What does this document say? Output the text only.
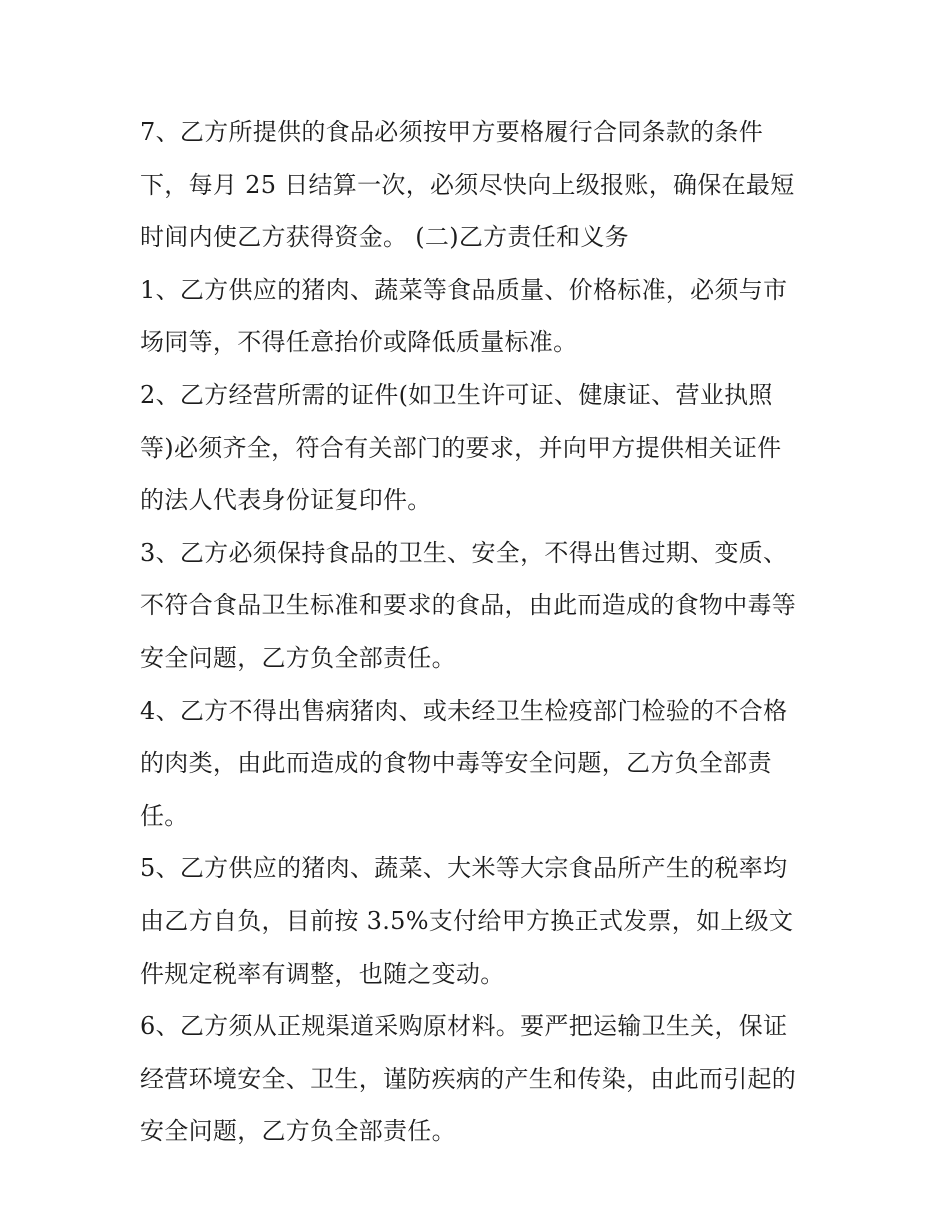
7、乙方所提供的食品必须按甲方要格履行合同条款的条件
下，每月 25 日结算一次，必须尽快向上级报账，确保在最短
时间内使乙方获得资金。 (二)乙方责任和义务
1、乙方供应的猪肉、蔬菜等食品质量、价格标准，必须与市
场同等，不得任意抬价或降低质量标准。
2、乙方经营所需的证件(如卫生许可证、健康证、营业执照
等)必须齐全，符合有关部门的要求，并向甲方提供相关证件
的法人代表身份证复印件。
3、乙方必须保持食品的卫生、安全，不得出售过期、变质、
不符合食品卫生标准和要求的食品，由此而造成的食物中毒等
安全问题，乙方负全部责任。
4、乙方不得出售病猪肉、或未经卫生检疫部门检验的不合格
的肉类，由此而造成的食物中毒等安全问题，乙方负全部责
任。
5、乙方供应的猪肉、蔬菜、大米等大宗食品所产生的税率均
由乙方自负，目前按 3.5%支付给甲方换正式发票，如上级文
件规定税率有调整，也随之变动。
6、乙方须从正规渠道采购原材料。要严把运输卫生关，保证
经营环境安全、卫生，谨防疾病的产生和传染，由此而引起的
安全问题，乙方负全部责任。
